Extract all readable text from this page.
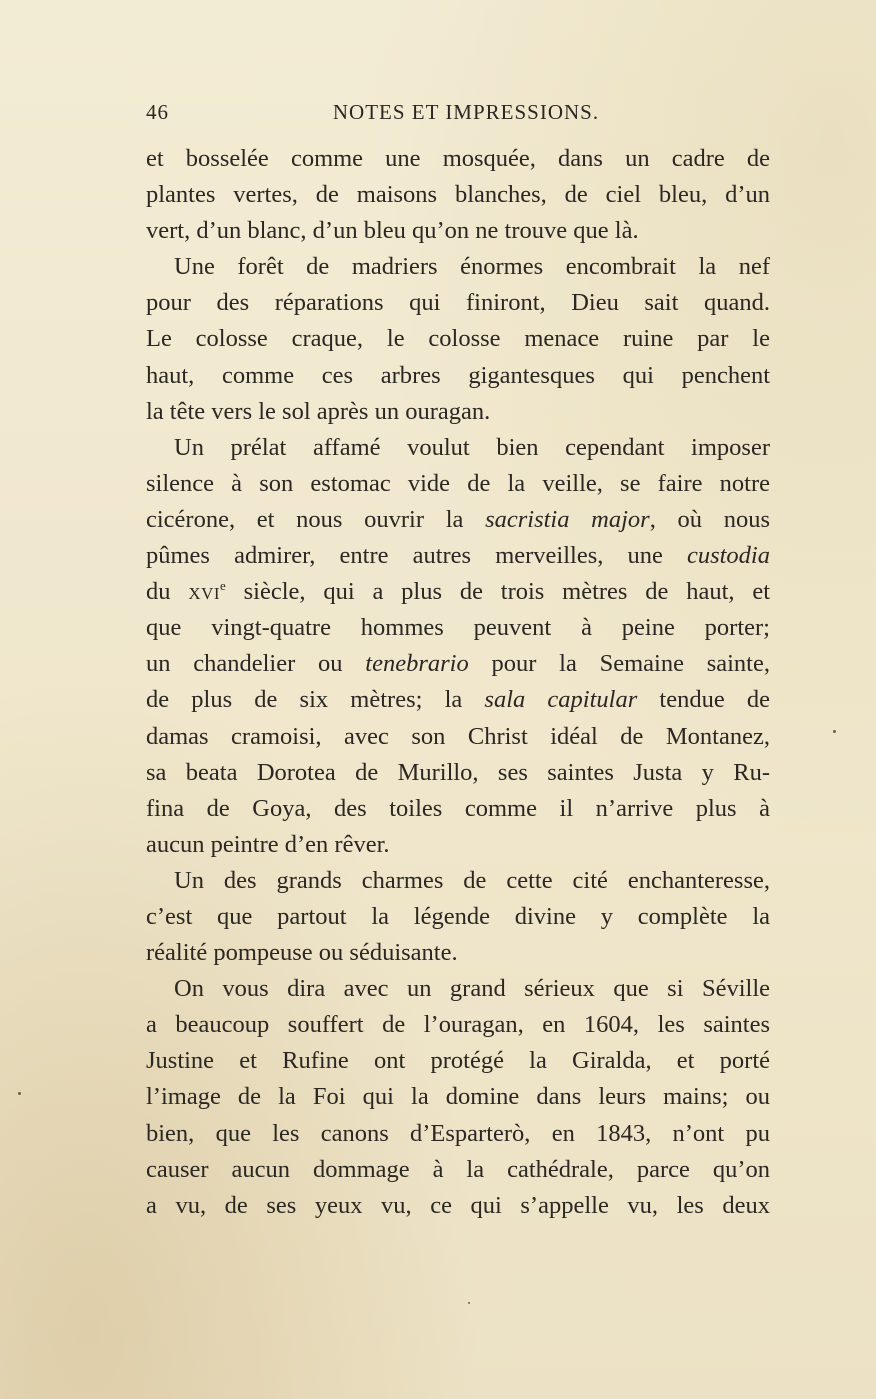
46	NOTES ET IMPRESSIONS.
et bosselée comme une mosquée, dans un cadre de
plantes vertes, de maisons blanches, de ciel bleu, d’un
vert, d’un blanc, d’un bleu qu’on ne trouve que là.
Une forêt de madriers énormes encombrait la nef
pour des réparations qui finiront, Dieu sait quand.
Le colosse craque, le colosse menace ruine par le
haut, comme ces arbres gigantesques qui penchent
la tête vers le sol après un ouragan.
Un prélat affamé voulut bien cependant imposer
silence à son estomac vide de la veille, se faire notre
cicérone, et nous ouvrir la sacristia major, où nous
pûmes admirer, entre autres merveilles, une custodia
du xvi$^e$ siècle, qui a plus de trois mètres de haut, et
que vingt-quatre hommes peuvent à peine porter;
un chandelier ou tenebrario pour la Semaine sainte,
de plus de six mètres; la sala capitular tendue de
damas cramoisi, avec son Christ idéal de Montanez,
sa beata Dorotea de Murillo, ses saintes Justa y Ru-
fina de Goya, des toiles comme il n’arrive plus à
aucun peintre d’en rêver.
Un des grands charmes de cette cité enchanteresse,
c’est que partout la légende divine y complète la
réalité pompeuse ou séduisante.
On vous dira avec un grand sérieux que si Séville
a beaucoup souffert de l’ouragan, en 1604, les saintes
Justine et Rufine ont protégé la Giralda, et porté
l’image de la Foi qui la domine dans leurs mains; ou
bien, que les canons d’Esparterò, en 1843, n’ont pu
causer aucun dommage à la cathédrale, parce qu’on
a vu, de ses yeux vu, ce qui s’appelle vu, les deux
